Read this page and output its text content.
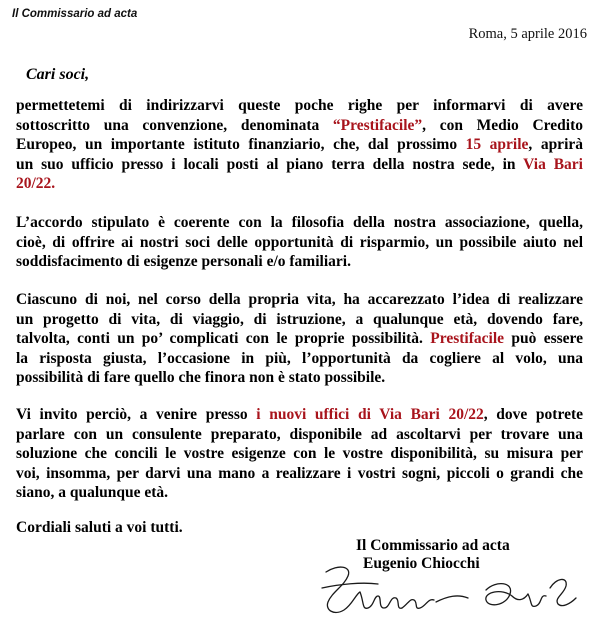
Il Commissario ad acta
Roma, 5 aprile 2016
Cari soci,
permettetemi di indirizzarvi queste poche righe per informarvi di avere
sottoscritto una convenzione, denominata “Prestifacile”, con Medio Credito
Europeo, un importante istituto finanziario, che, dal prossimo 15 aprile, aprirà
un suo ufficio presso i locali posti al piano terra della nostra sede, in Via Bari
20/22.
L’accordo stipulato è coerente con la filosofia della nostra associazione, quella,
cioè, di offrire ai nostri soci delle opportunità di risparmio, un possibile aiuto nel
soddisfacimento di esigenze personali e/o familiari.
Ciascuno di noi, nel corso della propria vita, ha accarezzato l’idea di realizzare
un progetto di vita, di viaggio, di istruzione, a qualunque età, dovendo fare,
talvolta, conti un po’ complicati con le proprie possibilità. Prestifacile può essere
la risposta giusta, l’occasione in più, l’opportunità da cogliere al volo, una
possibilità di fare quello che finora non è stato possibile.
Vi invito perciò, a venire presso i nuovi uffici di Via Bari 20/22, dove potrete
parlare con un consulente preparato, disponibile ad ascoltarvi per trovare una
soluzione che concili le vostre esigenze con le vostre disponibilità, su misura per
voi, insomma, per darvi una mano a realizzare i vostri sogni, piccoli o grandi che
siano, a qualunque età.
Cordiali saluti a voi tutti.
Il Commissario ad acta
Eugenio Chiocchi
